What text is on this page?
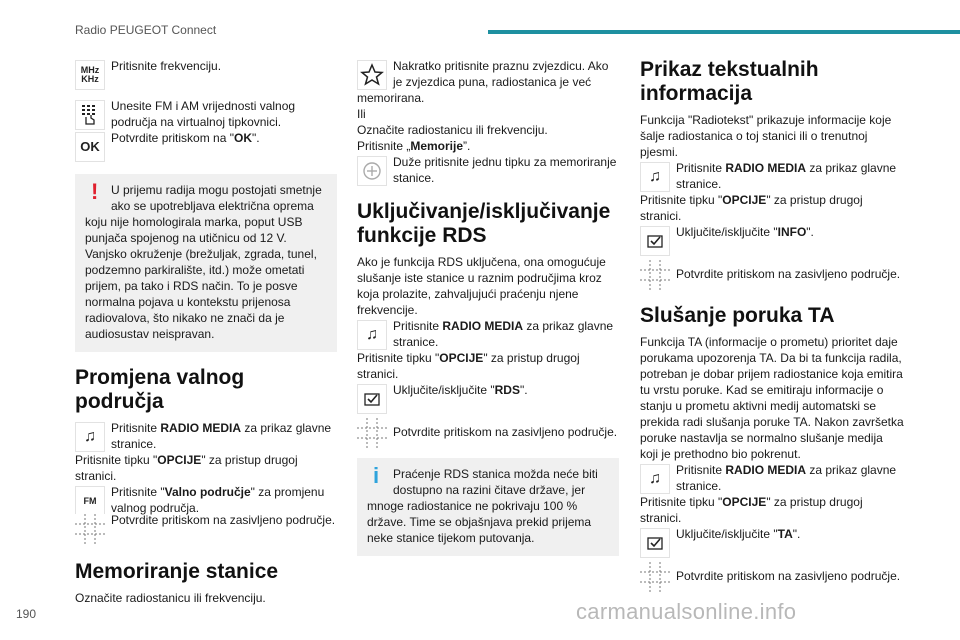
Radio PEUGEOT Connect
MHz
KHz

Pritisnite frekvenciju.

Unesite FM i AM vrijednosti valnog područja na virtualnoj tipkovnici.

OK

Potvrdite pritiskom na "OK".

!	U prijemu radija mogu postojati smetnje ako se upotrebljava električna oprema koju nije homologirala marka, poput USB punjača spojenog na utičnicu od 12 V. Vanjsko okruženje (brežuljak, zgrada, tunel, podzemno parkiralište, itd.) može ometati prijem, pa tako i RDS način. To je posve normalna pojava u kontekstu prijenosa radiovalova, što nikako ne znači da je audiosustav neispravan.

Promjena valnog područja
♫	Pritisnite RADIO MEDIA za prikaz glavne stranice.

Pritisnite tipku "OPCIJE" za pristup drugoj stranici.

FM

Pritisnite "Valno područje" za promjenu valnog područja.

Potvrdite pritiskom na zasivljeno područje.

Memoriranje stanice

Označite radiostanicu ili frekvenciju.

Nakratko pritisnite praznu zvjezdicu. Ako je zvjezdica puna, radiostanica je već memorirana.

Ili

Označite radiostanicu ili frekvenciju.

Pritisnite „Memorije”.

Duže pritisnite jednu tipku za memoriranje stanice.

Uključivanje/isključivanje funkcije RDS

Ako je funkcija RDS uključena, ona omogućuje slušanje iste stanice u raznim područjima kroz koja prolazite, zahvaljujući praćenju njene frekvencije.

♫	Pritisnite RADIO MEDIA za prikaz glavne stranice.

Pritisnite tipku "OPCIJE" za pristup drugoj stranici.

Uključite/isključite "RDS".

Potvrdite pritiskom na zasivljeno područje.

i	Praćenje RDS stanica možda neće biti dostupno na razini čitave države, jer mnoge radiostanice ne pokrivaju 100 % države. Time se objašnjava prekid prijema neke stanice tijekom putovanja.

Prikaz tekstualnih informacija

Funkcija "Radiotekst" prikazuje informacije koje šalje radiostanica o toj stanici ili o trenutnoj pjesmi.

♫	Pritisnite RADIO MEDIA za prikaz glavne stranice.

Pritisnite tipku "OPCIJE" za pristup drugoj stranici.

Uključite/isključite "INFO".

Potvrdite pritiskom na zasivljeno područje.

Slušanje poruka TA

Funkcija TA (informacije o prometu) prioritet daje porukama upozorenja TA. Da bi ta funkcija radila, potreban je dobar prijem radiostanice koja emitira tu vrstu poruke. Kad se emitiraju informacije o stanju u prometu aktivni medij automatski se prekida radi slušanja poruke TA. Nakon završetka poruke nastavlja se normalno slušanje medija koji je prethodno bio pokrenut.

♫	Pritisnite RADIO MEDIA za prikaz glavne stranice.

Pritisnite tipku "OPCIJE" za pristup drugoj stranici.

Uključite/isključite "TA".

Potvrdite pritiskom na zasivljeno područje.

190	carmanualsonline.info
